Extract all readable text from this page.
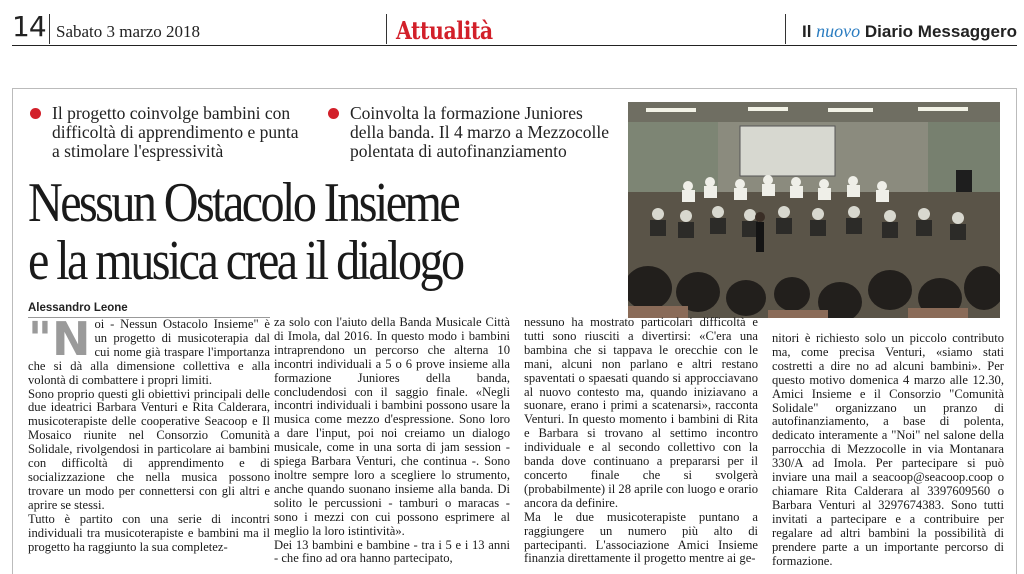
14 Sabato 3 marzo 2018	Attualità	Il nuovo Diario Messaggero
Il progetto coinvolge bambini con
difficoltà di apprendimento e punta
a stimolare l'espressività
Coinvolta la formazione Juniores
della banda. Il 4 marzo a Mezzocolle
polentata di autofinanziamento
Nessun Ostacolo Insieme
e la musica crea il dialogo
Alessandro Leone

"Noi - Nessun Ostacolo Insieme" è un progetto di musicoterapia dal cui nome già traspare l'importanza che si dà alla dimensione collettiva e alla volontà di combattere i propri limiti.

Sono proprio questi gli obiettivi principali delle due ideatrici Barbara Venturi e Rita Calderara, musicoterapiste delle cooperative Seacoop e Il Mosaico riunite nel Consorzio Comunità Solidale, rivolgendosi in particolare ai bambini con difficoltà di apprendimento e di socializzazione che nella musica possono trovare un modo per connettersi con gli altri e aprire se stessi.

Tutto è partito con una serie di incontri individuali tra musicoterapiste e bambini ma il progetto ha raggiunto la sua completez-

za solo con l'aiuto della Banda Musicale Città di Imola, dal 2016. In questo modo i bambini intraprendono un percorso che alterna 10 incontri individuali a 5 o 6 prove insieme alla formazione Juniores della banda, concludendosi con il saggio finale. «Negli incontri individuali i bambini possono usare la musica come mezzo d'espressione. Sono loro a dare l'input, poi noi creiamo un dialogo musicale, come in una sorta di jam session - spiega Barbara Venturi, che continua -. Sono inoltre sempre loro a scegliere lo strumento, anche quando suonano insieme alla banda. Di solito le percussioni - tamburi o maracas - sono i mezzi con cui possono esprimere al meglio la loro istintività».

Dei 13 bambini e bambine - tra i 5 e i 13 anni - che fino ad ora hanno partecipato,

nessuno ha mostrato particolari difficoltà e tutti sono riusciti a divertirsi: «C'era una bambina che si tappava le orecchie con le mani, alcuni non parlano e altri restano spaventati o spaesati quando si approcciavano al nuovo contesto ma, quando iniziavano a suonare, erano i primi a scatenarsi», racconta Venturi. In questo momento i bambini di Rita e Barbara si trovano al settimo incontro individuale e al secondo collettivo con la banda dove continuano a prepararsi per il concerto finale che si svolgerà (probabilmente) il 28 aprile con luogo e orario ancora da definire.

Ma le due musicoterapiste puntano a raggiungere un numero più alto di partecipanti. L'associazione Amici Insieme finanzia direttamente il progetto mentre ai ge-

nitori è richiesto solo un piccolo contributo ma, come precisa Venturi, «siamo stati costretti a dire no ad alcuni bambini». Per questo motivo domenica 4 marzo alle 12.30, Amici Insieme e il Consorzio "Comunità Solidale" organizzano un pranzo di autofinanziamento, a base di polenta, dedicato interamente a "Noi" nel salone della parrocchia di Mezzocolle in via Montanara 330/A ad Imola. Per partecipare si può inviare una mail a seacoop@seacoop.coop o chiamare Rita Calderara al 3397609560 o Barbara Venturi al 3297674383. Sono tutti invitati a partecipare e a contribuire per regalare ad altri bambini la possibilità di prendere parte a un importante percorso di formazione.
